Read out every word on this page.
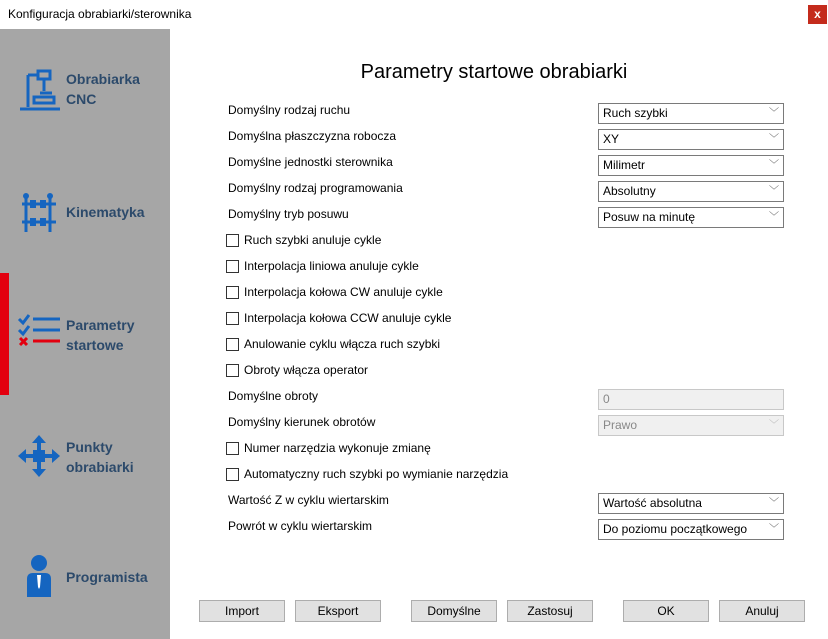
Konfiguracja obrabiarki/sterownika	x
Obrabiarka
CNC
Kinematyka
Parametry
startowe
Punkty
obrabiarki
Programista
Parametry startowe obrabiarki
Domyślny rodzaj ruchu	Ruch szybki	﹀
Domyślna płaszczyzna robocza	XY	﹀
Domyślne jednostki sterownika	Milimetr	﹀
Domyślny rodzaj programowania	Absolutny	﹀
Domyślny tryb posuwu	Posuw na minutę	﹀
Ruch szybki anuluje cykle
Interpolacja liniowa anuluje cykle
Interpolacja kołowa CW anuluje cykle
Interpolacja kołowa CCW anuluje cykle
Anulowanie cyklu włącza ruch szybki
Obroty włącza operator
Domyślne obroty	0
Domyślny kierunek obrotów	Prawo	﹀
Numer narzędzia wykonuje zmianę
Automatyczny ruch szybki po wymianie narzędzia
Wartość Z w cyklu wiertarskim	Wartość absolutna	﹀
Powrót w cyklu wiertarskim	Do poziomu początkowego ﹀
Import	Eksport	Domyślne	Zastosuj	OK	Anuluj
